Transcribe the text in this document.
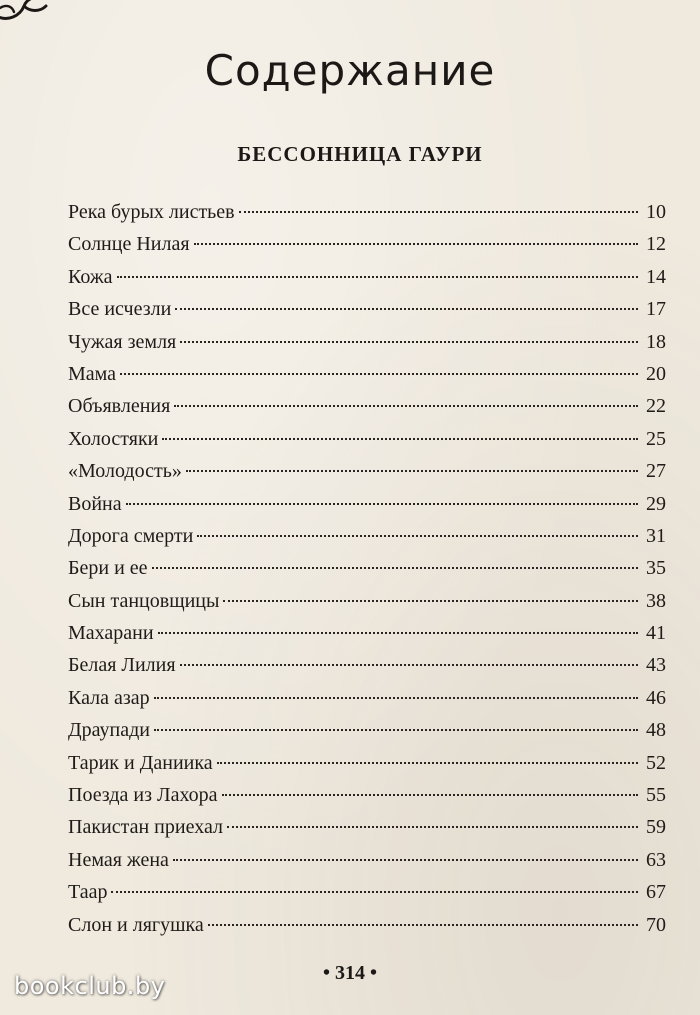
Содержание
БЕССОННИЦА ГАУРИ
Река бурых листьев	10
Солнце Нилая	12
Кожа	14
Все исчезли	17
Чужая земля	18
Мама	20
Объявления	22
Холостяки	25
«Молодость»	27
Война	29
Дорога смерти	31
Бери и ее	35
Сын танцовщицы	38
Махарани	41
Белая Лилия	43
Кала азар	46
Драупади	48
Тарик и Даниика	52
Поезда из Лахора	55
Пакистан приехал	59
Немая жена	63
Таар	67
Слон и лягушка	70
• 314 •
bookclub.by
